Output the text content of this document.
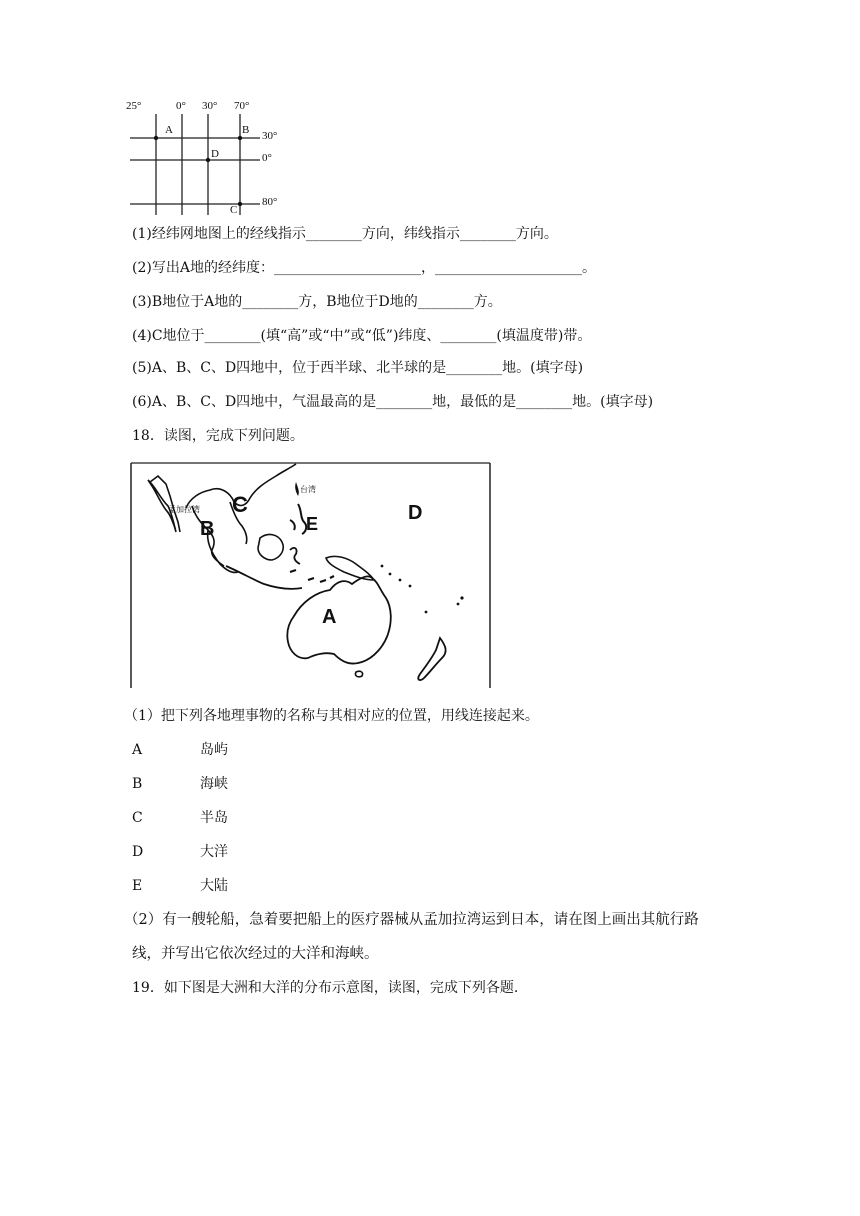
25°	0° 30° 70°
30°
0°
80°
A	B
D
C
(1)经纬网地图上的经线指示________方向，纬线指示________方向。
(2)写出A地的经纬度：_____________________，_____________________。
(3)B地位于A地的________方，B地位于D地的________方。
(4)C地位于________(填“高”或“中”或“低”)纬度、________(填温度带)带。
(5)A、B、C、D四地中，位于西半球、北半球的是________地。(填字母)
(6)A、B、C、D四地中，气温最高的是________地，最低的是________地。(填字母)
18．读图，完成下列问题。
A
B
C	D
E
台湾
孟加拉湾
（1）把下列各地理事物的名称与其相对应的位置，用线连接起来。
A	岛屿
B	海峡
C	半岛
D	大洋
E	大陆
（2）有一艘轮船，急着要把船上的医疗器械从孟加拉湾运到日本，请在图上画出其航行路
线，并写出它依次经过的大洋和海峡。
19．如下图是大洲和大洋的分布示意图，读图，完成下列各题.
